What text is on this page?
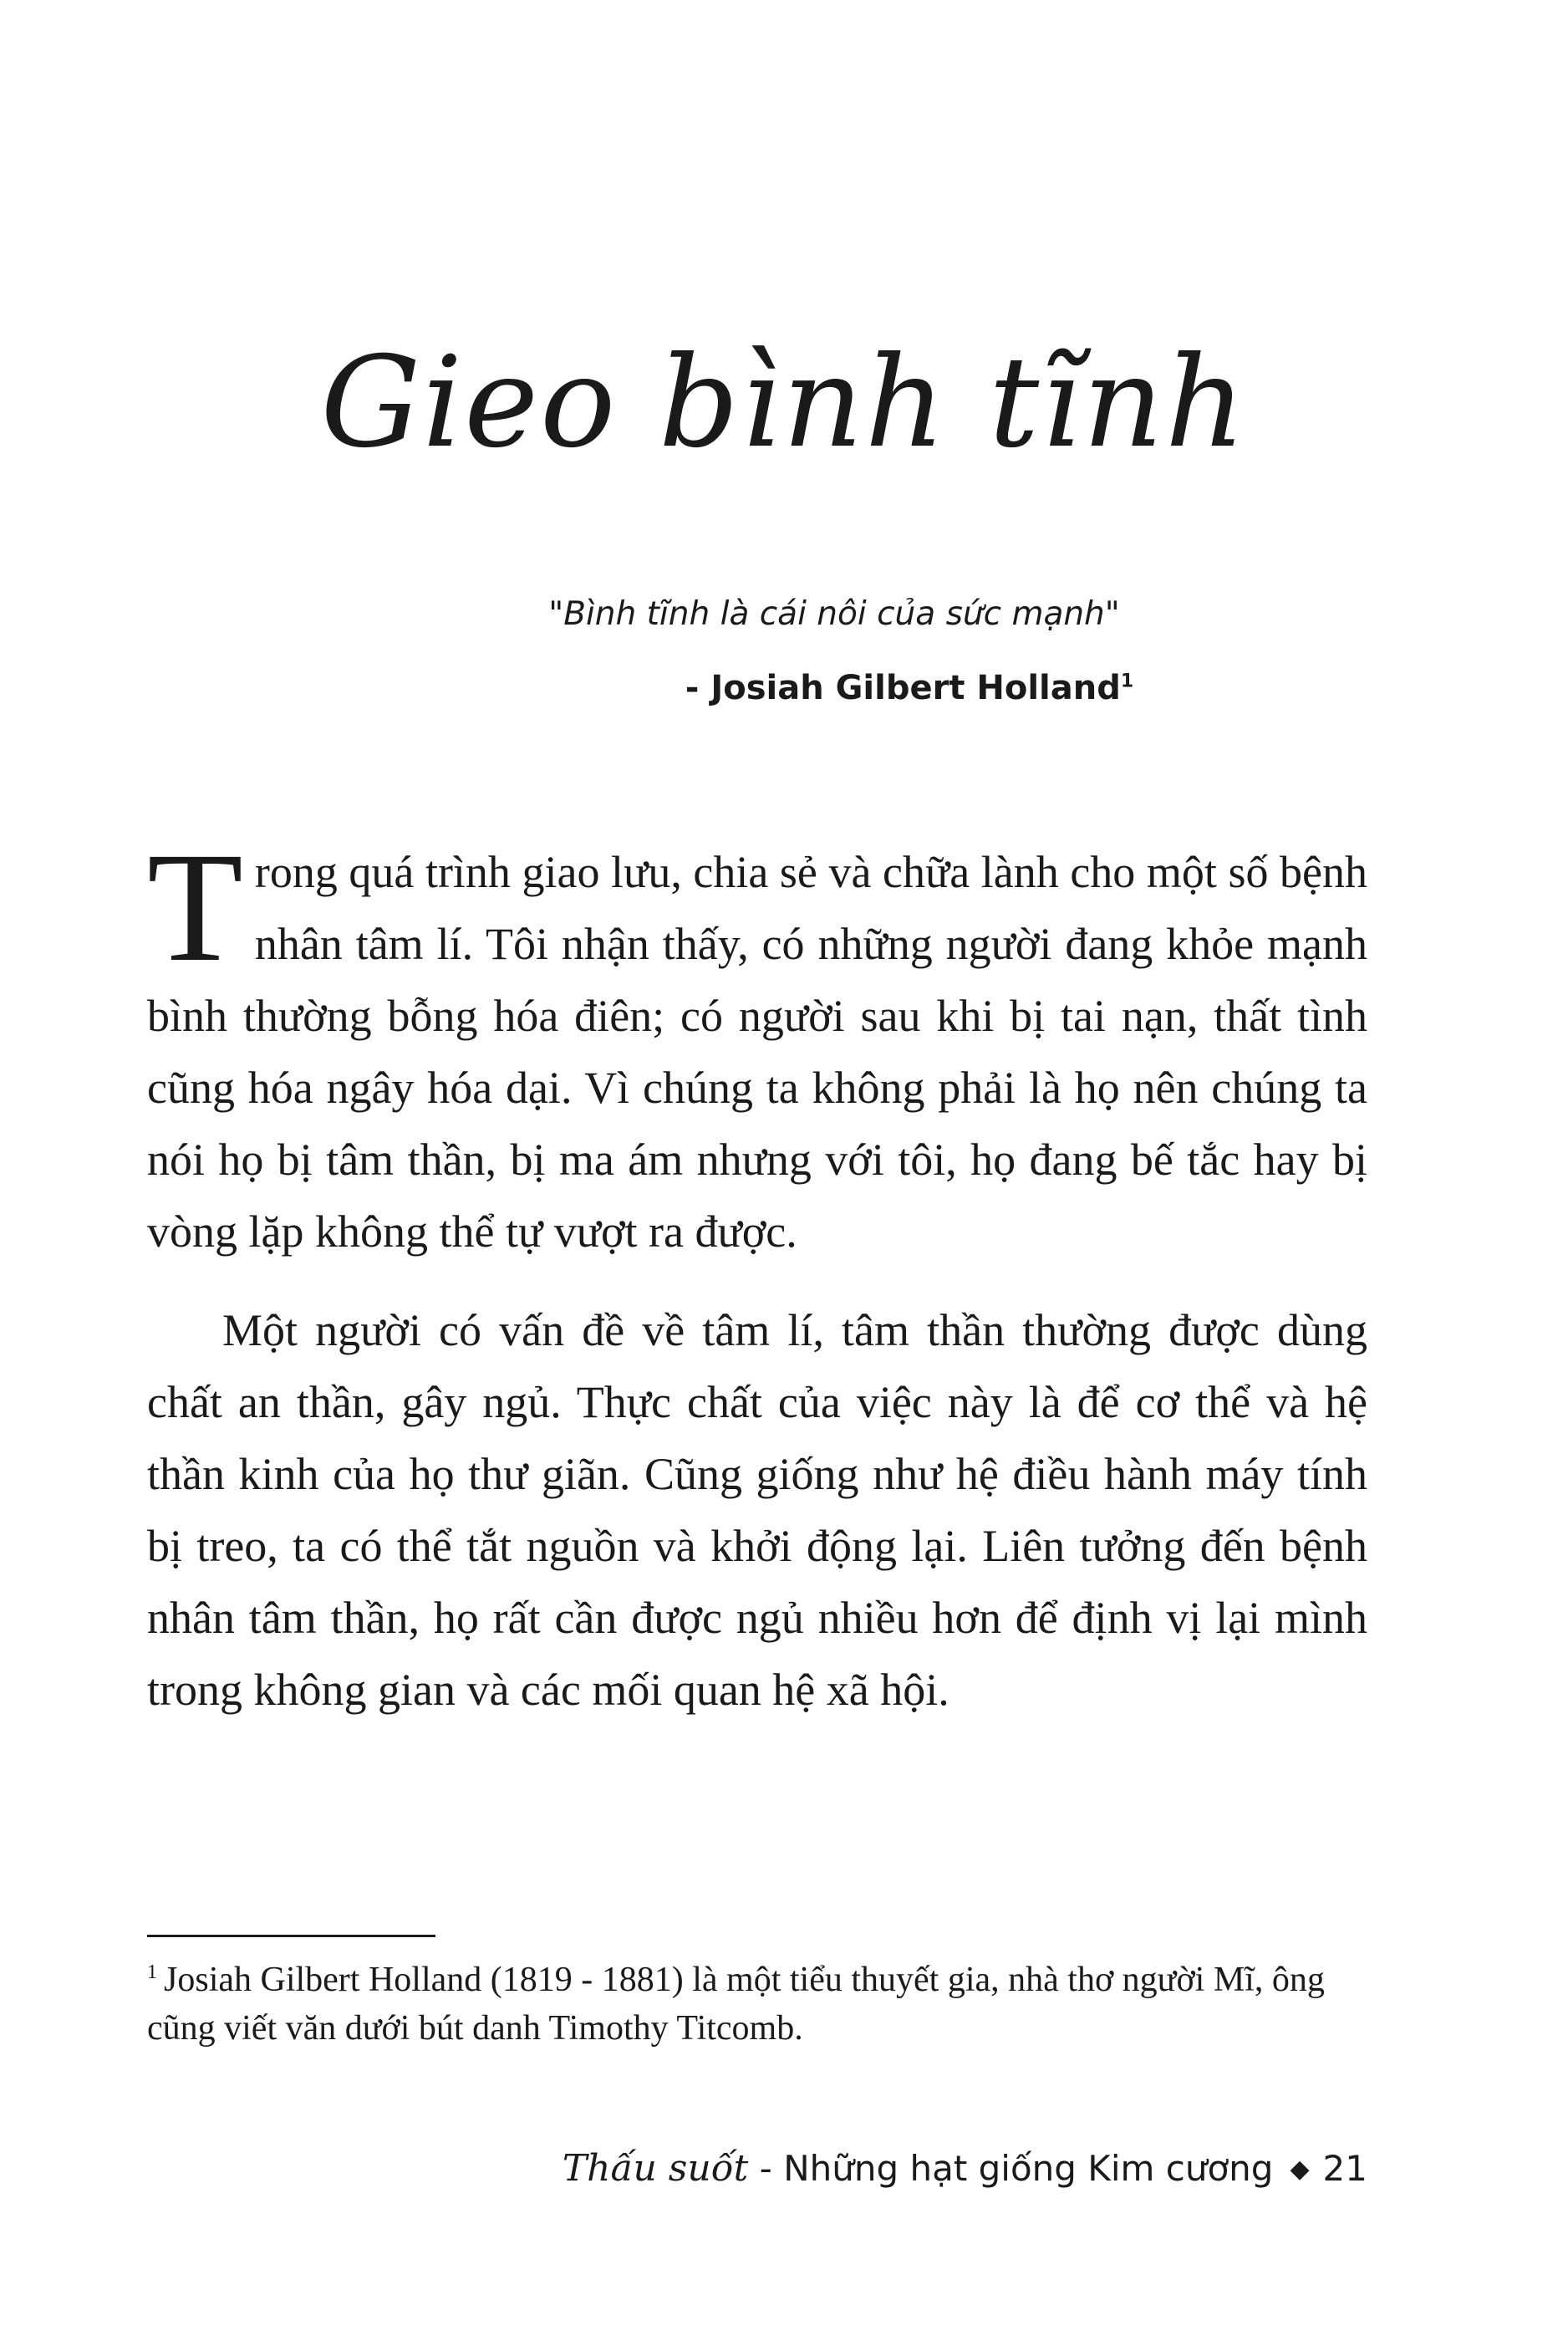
Gieo bình tĩnh
"Bình tĩnh là cái nôi của sức mạnh"
- Josiah Gilbert Holland$^1$

Trong quá trình giao lưu, chia sẻ và chữa lành cho một số bệnh nhân tâm lí. Tôi nhận thấy, có những người đang khỏe mạnh bình thường bỗng hóa điên; có người sau khi bị tai nạn, thất tình cũng hóa ngây hóa dại. Vì chúng ta không phải là họ nên chúng ta nói họ bị tâm thần, bị ma ám nhưng với tôi, họ đang bế tắc hay bị vòng lặp không thể tự vượt ra được.

Một người có vấn đề về tâm lí, tâm thần thường được dùng chất an thần, gây ngủ. Thực chất của việc này là để cơ thể và hệ thần kinh của họ thư giãn. Cũng giống như hệ điều hành máy tính bị treo, ta có thể tắt nguồn và khởi động lại. Liên tưởng đến bệnh nhân tâm thần, họ rất cần được ngủ nhiều hơn để định vị lại mình trong không gian và các mối quan hệ xã hội.

$^1$ Josiah Gilbert Holland (1819 - 1881) là một tiểu thuyết gia, nhà thơ người Mĩ, ông cũng viết văn dưới bút danh Timothy Titcomb.
Thấu suốt - Những hạt giống Kim cương ◆ 21
